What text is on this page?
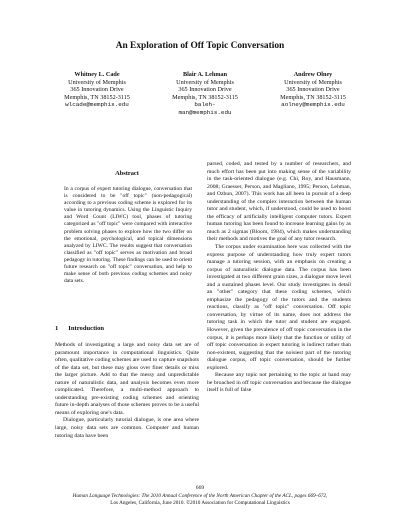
An Exploration of Off Topic Conversation
Whitney L. Cade
University of Memphis
365 Innovation Drive
Memphis, TN 38152-3115
wlcade@memphis.edu
Blair A. Lehman
University of Memphis
365 Innovation Drive
Memphis, TN 38152-3115
baleh-
man@memphis.edu
Andrew Olney
University of Memphis
365 Innovation Drive
Memphis, TN 38152-3115
aolney@memphis.edu
Abstract
In a corpus of expert tutoring dialogue, conversation that is considered to be "off topic" (non-pedagogical) according to a previous coding scheme is explored for its value in tutoring dynamics. Using the Linguistic Inquiry and Word Count (LIWC) tool, phases of tutoring categorized as "off topic" were compared with interactive problem solving phases to explore how the two differ on the emotional, psychological, and topical dimensions analyzed by LIWC. The results suggest that conversation classified as "off topic" serves as motivation and broad pedagogy in tutoring. These findings can be used to orient future research on "off topic" conversation, and help to make sense of both previous coding schemes and noisy data sets.
1 Introduction

Methods of investigating a large and noisy data set are of paramount importance in computational linguistics. Quite often, qualitative coding schemes are used to capture snapshots of the data set, but these may gloss over finer details or miss the larger picture. Add to that the messy and unpredictable nature of naturalistic data, and analysis becomes even more complicated. Therefore, a multi-method approach to understanding pre-existing coding schemes and orienting future in-depth analyses of those schemes proves to be a useful means of exploring one's data.

Dialogue, particularly tutorial dialogue, is one area where large, noisy data sets are common. Computer and human tutoring data have been

parsed, coded, and tested by a number of researchers, and much effort has been put into making sense of the variability in the task-oriented dialogue (e.g. Chi, Roy, and Hausmann, 2008; Graesser, Person, and Magliano, 1995; Person, Lehman, and Ozbun, 2007). This work has all been in pursuit of a deep understanding of the complex interaction between the human tutor and student, which, if understood, could be used to boost the efficacy of artificially intelligent computer tutors. Expert human tutoring has been found to increase learning gains by as much as 2 sigmas (Bloom, 1984), which makes understanding their methods and motives the goal of any tutor research.

The corpus under examination here was collected with the express purpose of understanding how truly expert tutors manage a tutoring session, with an emphasis on creating a corpus of naturalistic dialogue data. The corpus has been investigated at two different grain sizes, a dialogue move level and a sustained phases level. Our study investigates in detail an "other" category that these coding schemes, which emphasize the pedagogy of the tutors and the students reactions, classify as "off topic" conversation. Off topic conversation, by virtue of its name, does not address the tutoring task in which the tutor and student are engaged. However, given the prevalence of off topic conversation in the corpus, it is perhaps more likely that the function or utility of off topic conversation in expert tutoring is indirect rather than non-existent, suggesting that the noisiest part of the tutoring dialogue corpus, off topic conversation, should be further explored.

Because any topic not pertaining to the topic at hand may be broached in off topic conversation and because the dialogue itself is full of false

669
Human Language Technologies: The 2010 Annual Conference of the North American Chapter of the ACL, pages 669–672,
Los Angeles, California, June 2010. ©2010 Association for Computational Linguistics
